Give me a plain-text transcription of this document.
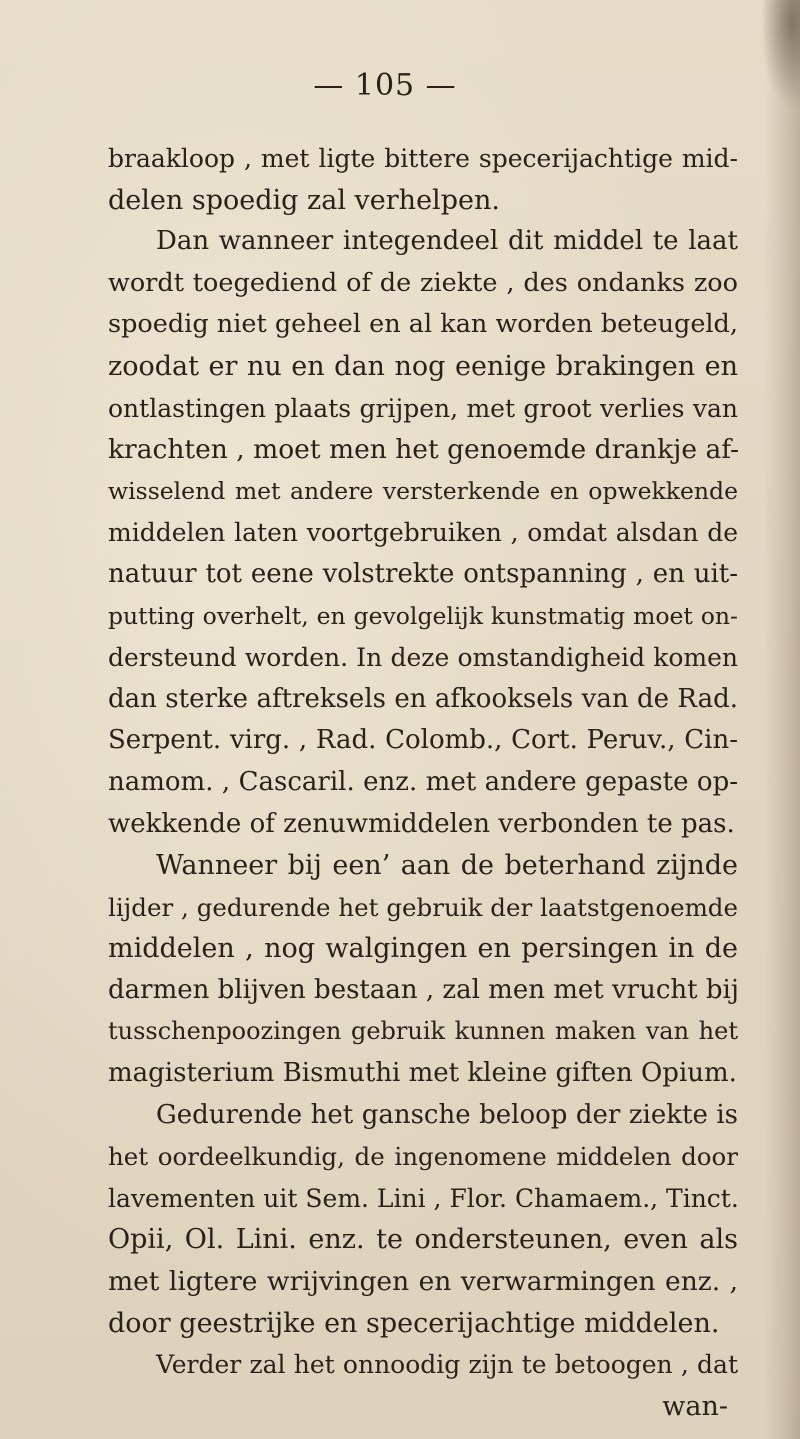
— 105 —
braakloop , met ligte bittere specerijachtige mid-
delen spoedig zal verhelpen.
Dan wanneer integendeel dit middel te laat
wordt toegediend of de ziekte , des ondanks zoo
spoedig niet geheel en al kan worden beteugeld,
zoodat er nu en dan nog eenige brakingen en
ontlastingen plaats grijpen, met groot verlies van
krachten , moet men het genoemde drankje af-
wisselend met andere versterkende en opwekkende
middelen laten voortgebruiken , omdat alsdan de
natuur tot eene volstrekte ontspanning , en uit-
putting overhelt, en gevolgelijk kunstmatig moet on-
dersteund worden. In deze omstandigheid komen
dan sterke aftreksels en afkooksels van de Rad.
Serpent. virg. , Rad. Colomb., Cort. Peruv., Cin-
namom. , Cascaril. enz. met andere gepaste op-
wekkende of zenuwmiddelen verbonden te pas.
Wanneer bij een’ aan de beterhand zijnde
lijder , gedurende het gebruik der laatstgenoemde
middelen , nog walgingen en persingen in de
darmen blijven bestaan , zal men met vrucht bij
tusschenpoozingen gebruik kunnen maken van het
magisterium Bismuthi met kleine giften Opium.
Gedurende het gansche beloop der ziekte is
het oordeelkundig, de ingenomene middelen door
lavementen uit Sem. Lini , Flor. Chamaem., Tinct.
Opii, Ol. Lini. enz. te ondersteunen, even als
met ligtere wrijvingen en verwarmingen enz. ,
door geestrijke en specerijachtige middelen.
Verder zal het onnoodig zijn te betoogen , dat
wan-
